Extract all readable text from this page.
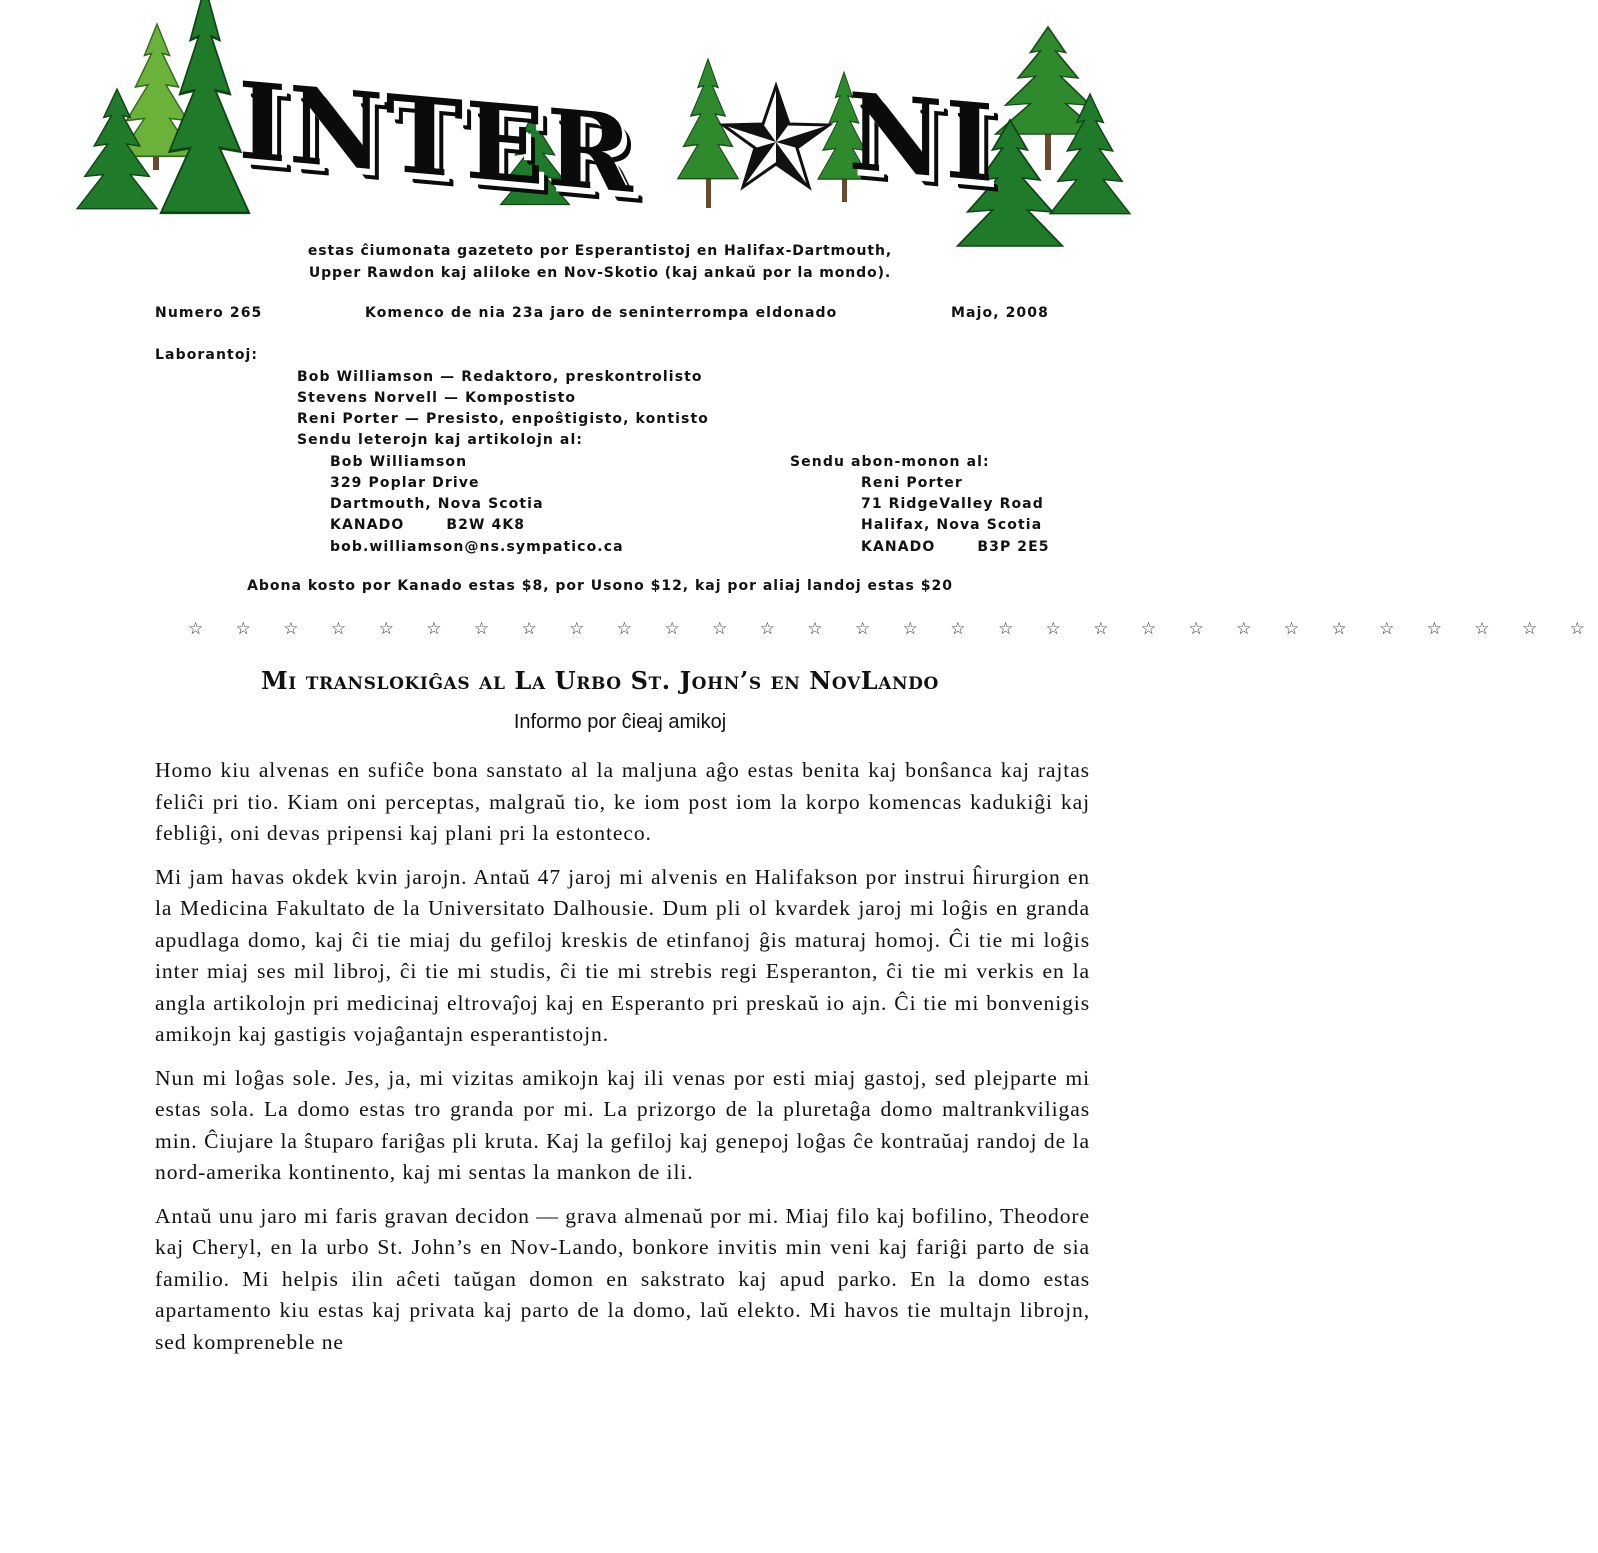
INTER NI
estas ĉiumonata gazeteto por Esperantistoj en Halifax-Dartmouth,
Upper Rawdon kaj aliloke en Nov-Skotio (kaj ankaŭ por la mondo).
Numero 265	Komenco de nia 23a jaro de seninterrompa eldonado	Majo, 2008
Laborantoj:
Bob Williamson — Redaktoro, preskontrolisto
Stevens Norvell — Kompostisto
Reni Porter — Presisto, enpoŝtigisto, kontisto
Sendu leterojn kaj artikolojn al:
Bob Williamson
329 Poplar Drive
Dartmouth, Nova Scotia
KANADO	B2W 4K8
bob.williamson@ns.sympatico.ca
Sendu abon-monon al:
Reni Porter
71 RidgeValley Road
Halifax, Nova Scotia
KANADO	B3P 2E5
Abona kosto por Kanado estas $8, por Usono $12, kaj por aliaj landoj estas $20
☆ ☆ ☆ ☆ ☆ ☆ ☆ ☆ ☆ ☆ ☆ ☆ ☆ ☆ ☆ ☆ ☆ ☆ ☆ ☆ ☆ ☆ ☆ ☆ ☆ ☆ ☆ ☆ ☆ ☆
Mi translokiĝas al La Urbo St. John’s en NovLando
Informo por ĉieaj amikoj

Homo kiu alvenas en sufiĉe bona sanstato al la maljuna aĝo estas benita kaj bonŝanca kaj rajtas feliĉi pri tio. Kiam oni perceptas, malgraŭ tio, ke iom post iom la korpo komencas kadukiĝi kaj febliĝi, oni devas pripensi kaj plani pri la estonteco.

Mi jam havas okdek kvin jarojn. Antaŭ 47 jaroj mi alvenis en Halifakson por instrui ĥirurgion en la Medicina Fakultato de la Universitato Dalhousie. Dum pli ol kvardek jaroj mi loĝis en granda apudlaga domo, kaj ĉi tie miaj du gefiloj kreskis de etinfanoj ĝis maturaj homoj. Ĉi tie mi loĝis inter miaj ses mil libroj, ĉi tie mi studis, ĉi tie mi strebis regi Esperanton, ĉi tie mi verkis en la angla artikolojn pri medicinaj eltrovaĵoj kaj en Esperanto pri preskaŭ io ajn. Ĉi tie mi bonvenigis amikojn kaj gastigis vojaĝantajn esperantistojn.

Nun mi loĝas sole. Jes, ja, mi vizitas amikojn kaj ili venas por esti miaj gastoj, sed plejparte mi estas sola. La domo estas tro granda por mi. La prizorgo de la pluretaĝa domo maltrankviligas min. Ĉiujare la ŝtuparo fariĝas pli kruta. Kaj la gefiloj kaj genepoj loĝas ĉe kontraŭaj randoj de la nord-amerika kontinento, kaj mi sentas la mankon de ili.

Antaŭ unu jaro mi faris gravan decidon — grava almenaŭ por mi. Miaj filo kaj bofilino, Theodore kaj Cheryl, en la urbo St. John’s en Nov-Lando, bonkore invitis min veni kaj fariĝi parto de sia familio. Mi helpis ilin aĉeti taŭgan domon en sakstrato kaj apud parko. En la domo estas apartamento kiu estas kaj privata kaj parto de la domo, laŭ elekto. Mi havos tie multajn librojn, sed kompreneble ne
